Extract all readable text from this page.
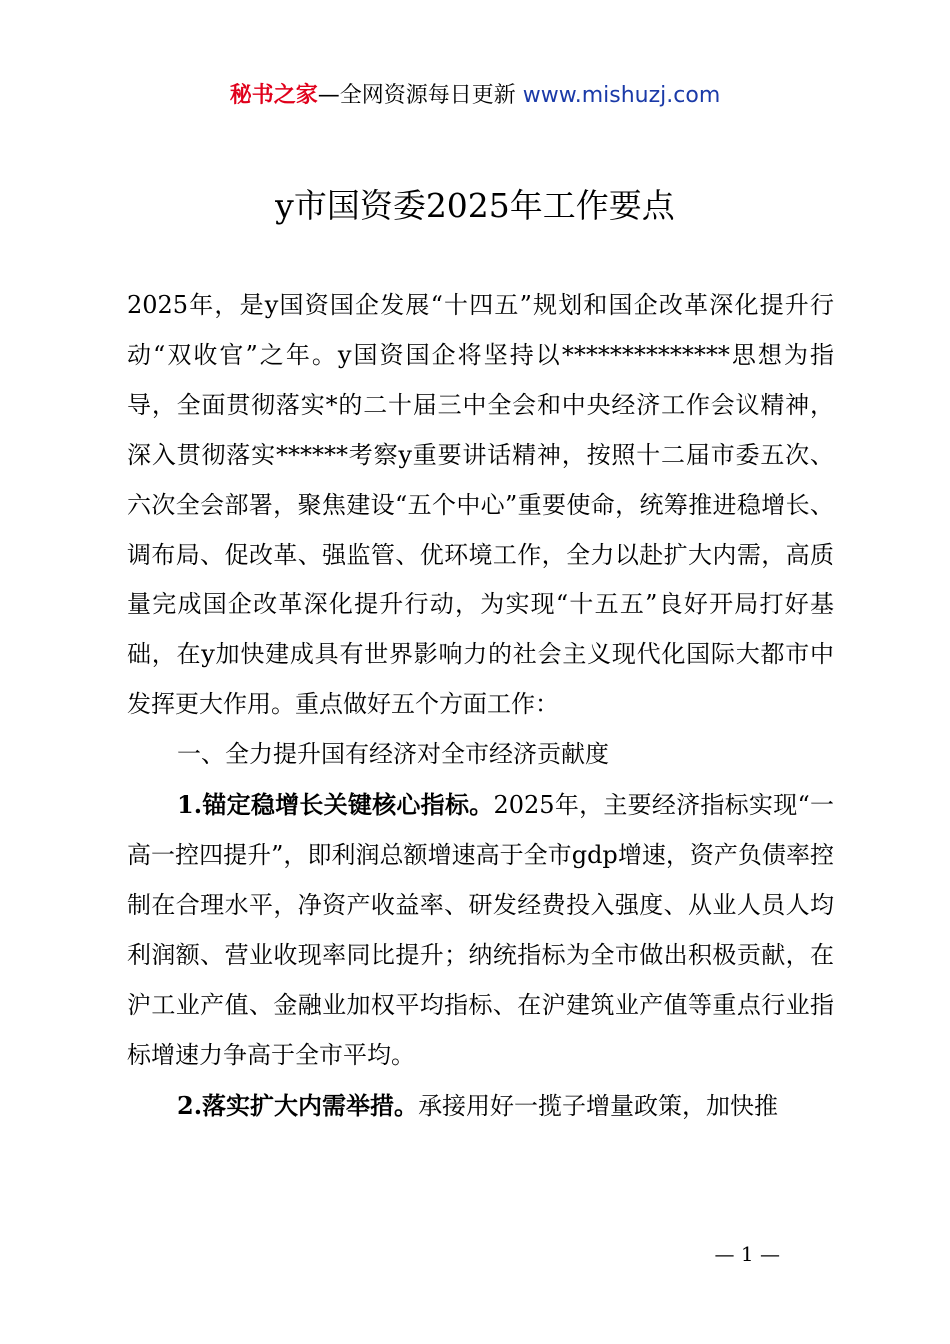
秘书之家—全网资源每日更新 www.mishuzj.com
y市国资委2025年工作要点

2025年，是y国资国企发展“十四五”规划和国企改革深化提升行动“双收官”之年。y国资国企将坚持以**************思想为指导，全面贯彻落实*的二十届三中全会和中央经济工作会议精神，深入贯彻落实******考察y重要讲话精神，按照十二届市委五次、六次全会部署，聚焦建设“五个中心”重要使命，统筹推进稳增长、调布局、促改革、强监管、优环境工作，全力以赴扩大内需，高质量完成国企改革深化提升行动，为实现“十五五”良好开局打好基础，在y加快建成具有世界影响力的社会主义现代化国际大都市中发挥更大作用。重点做好五个方面工作：

一、全力提升国有经济对全市经济贡献度

1.锚定稳增长关键核心指标。2025年，主要经济指标实现“一高一控四提升”，即利润总额增速高于全市gdp增速，资产负债率控制在合理水平，净资产收益率、研发经费投入强度、从业人员人均利润额、营业收现率同比提升；纳统指标为全市做出积极贡献，在沪工业产值、金融业加权平均指标、在沪建筑业产值等重点行业指标增速力争高于全市平均。

2.落实扩大内需举措。承接用好一揽子增量政策，加快推

— 1 —
